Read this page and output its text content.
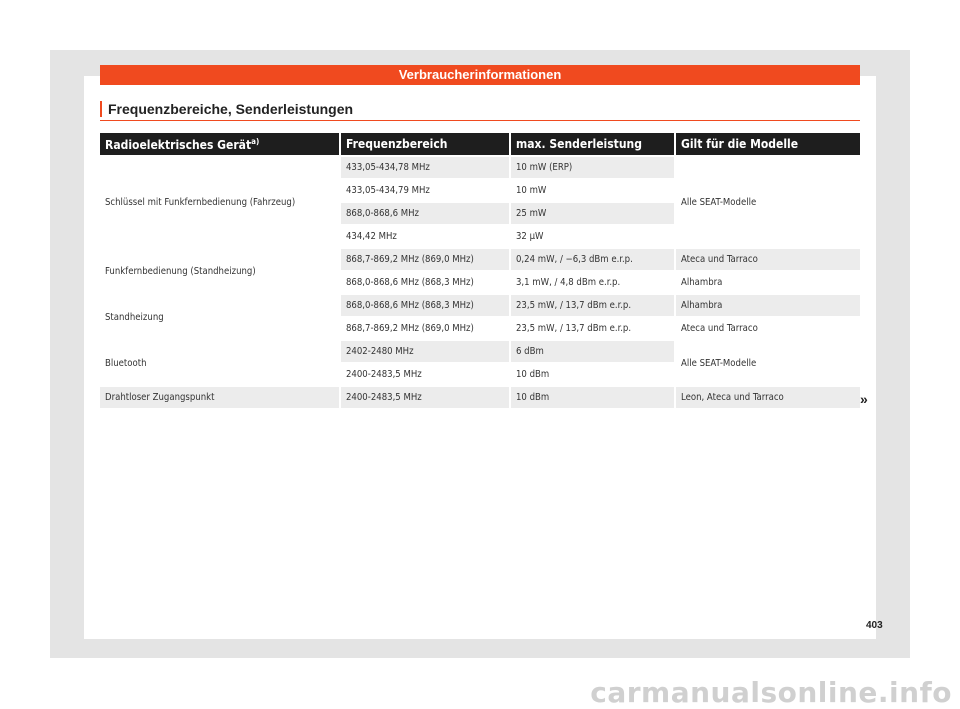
Verbraucherinformationen
Frequenzbereiche, Senderleistungen
Radioelektrisches Gerät$^{a)}$	Frequenzbereich	max. Senderleistung	Gilt für die Modelle
Schlüssel mit Funkfernbedienung (Fahrzeug)	433,05-434,78 MHz	10 mW (ERP)	Alle SEAT-Modelle
	433,05-434,79 MHz	10 mW	
	868,0-868,6 MHz	25 mW	
	434,42 MHz	32 µW	
Funkfernbedienung (Standheizung)	868,7-869,2 MHz (869,0 MHz)	0,24 mW, / −6,3 dBm e.r.p.	Ateca und Tarraco
	868,0-868,6 MHz (868,3 MHz)	3,1 mW, / 4,8 dBm e.r.p.	Alhambra
Standheizung	868,0-868,6 MHz (868,3 MHz)	23,5 mW, / 13,7 dBm e.r.p.	Alhambra
	868,7-869,2 MHz (869,0 MHz)	23,5 mW, / 13,7 dBm e.r.p.	Ateca und Tarraco
Bluetooth	2402-2480 MHz	6 dBm	Alle SEAT-Modelle
	2400-2483,5 MHz	10 dBm	
Drahtloser Zugangspunkt	2400-2483,5 MHz	10 dBm	Leon, Ateca und Tarraco	»
403
carmanualsonline.info
